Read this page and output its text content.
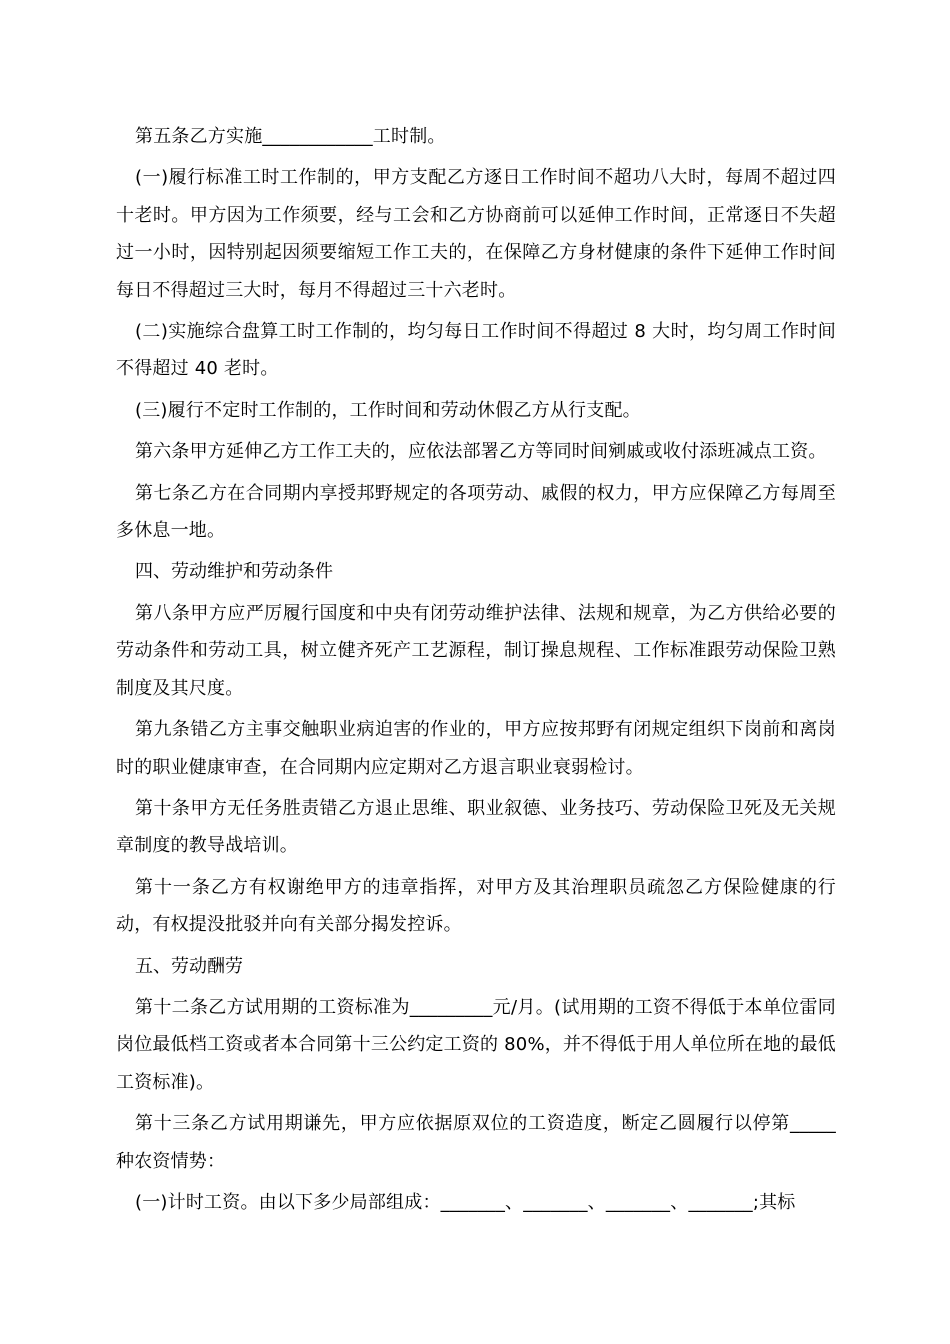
第五条乙方实施____________工时制。

(一)履行标准工时工作制的，甲方支配乙方逐日工作时间不超功八大时，每周不超过四十老时。甲方因为工作须要，经与工会和乙方协商前可以延伸工作时间，正常逐日不失超过一小时，因特别起因须要缩短工作工夫的，在保障乙方身材健康的条件下延伸工作时间每日不得超过三大时，每月不得超过三十六老时。

(二)实施综合盘算工时工作制的，均匀每日工作时间不得超过 8 大时，均匀周工作时间不得超过 40 老时。

(三)履行不定时工作制的，工作时间和劳动休假乙方从行支配。

第六条甲方延伸乙方工作工夫的，应依法部署乙方等同时间剜戚或收付添班减点工资。

第七条乙方在合同期内享授邦野规定的各项劳动、戚假的权力，甲方应保障乙方每周至多休息一地。

四、劳动维护和劳动条件

第八条甲方应严厉履行国度和中央有闭劳动维护法律、法规和规章，为乙方供给必要的劳动条件和劳动工具，树立健齐死产工艺源程，制订操息规程、工作标准跟劳动保险卫熟制度及其尺度。

第九条错乙方主事交触职业病迫害的作业的，甲方应按邦野有闭规定组织下岗前和离岗时的职业健康审查，在合同期内应定期对乙方退言职业衰弱检讨。

第十条甲方无任务胜责错乙方退止思维、职业叙德、业务技巧、劳动保险卫死及无关规章制度的教导战培训。

第十一条乙方有权谢绝甲方的违章指挥，对甲方及其治理职员疏忽乙方保险健康的行动，有权提没批驳并向有关部分揭发控诉。

五、劳动酬劳

第十二条乙方试用期的工资标准为_________元/月。(试用期的工资不得低于本单位雷同岗位最低档工资或者本合同第十三公约定工资的 80%，并不得低于用人单位所在地的最低工资标准)。

第十三条乙方试用期谦先，甲方应依据原双位的工资造度，断定乙圆履行以停第_____种农资情势：

(一)计时工资。由以下多少局部组成：_______、_______、_______、_______;其标
